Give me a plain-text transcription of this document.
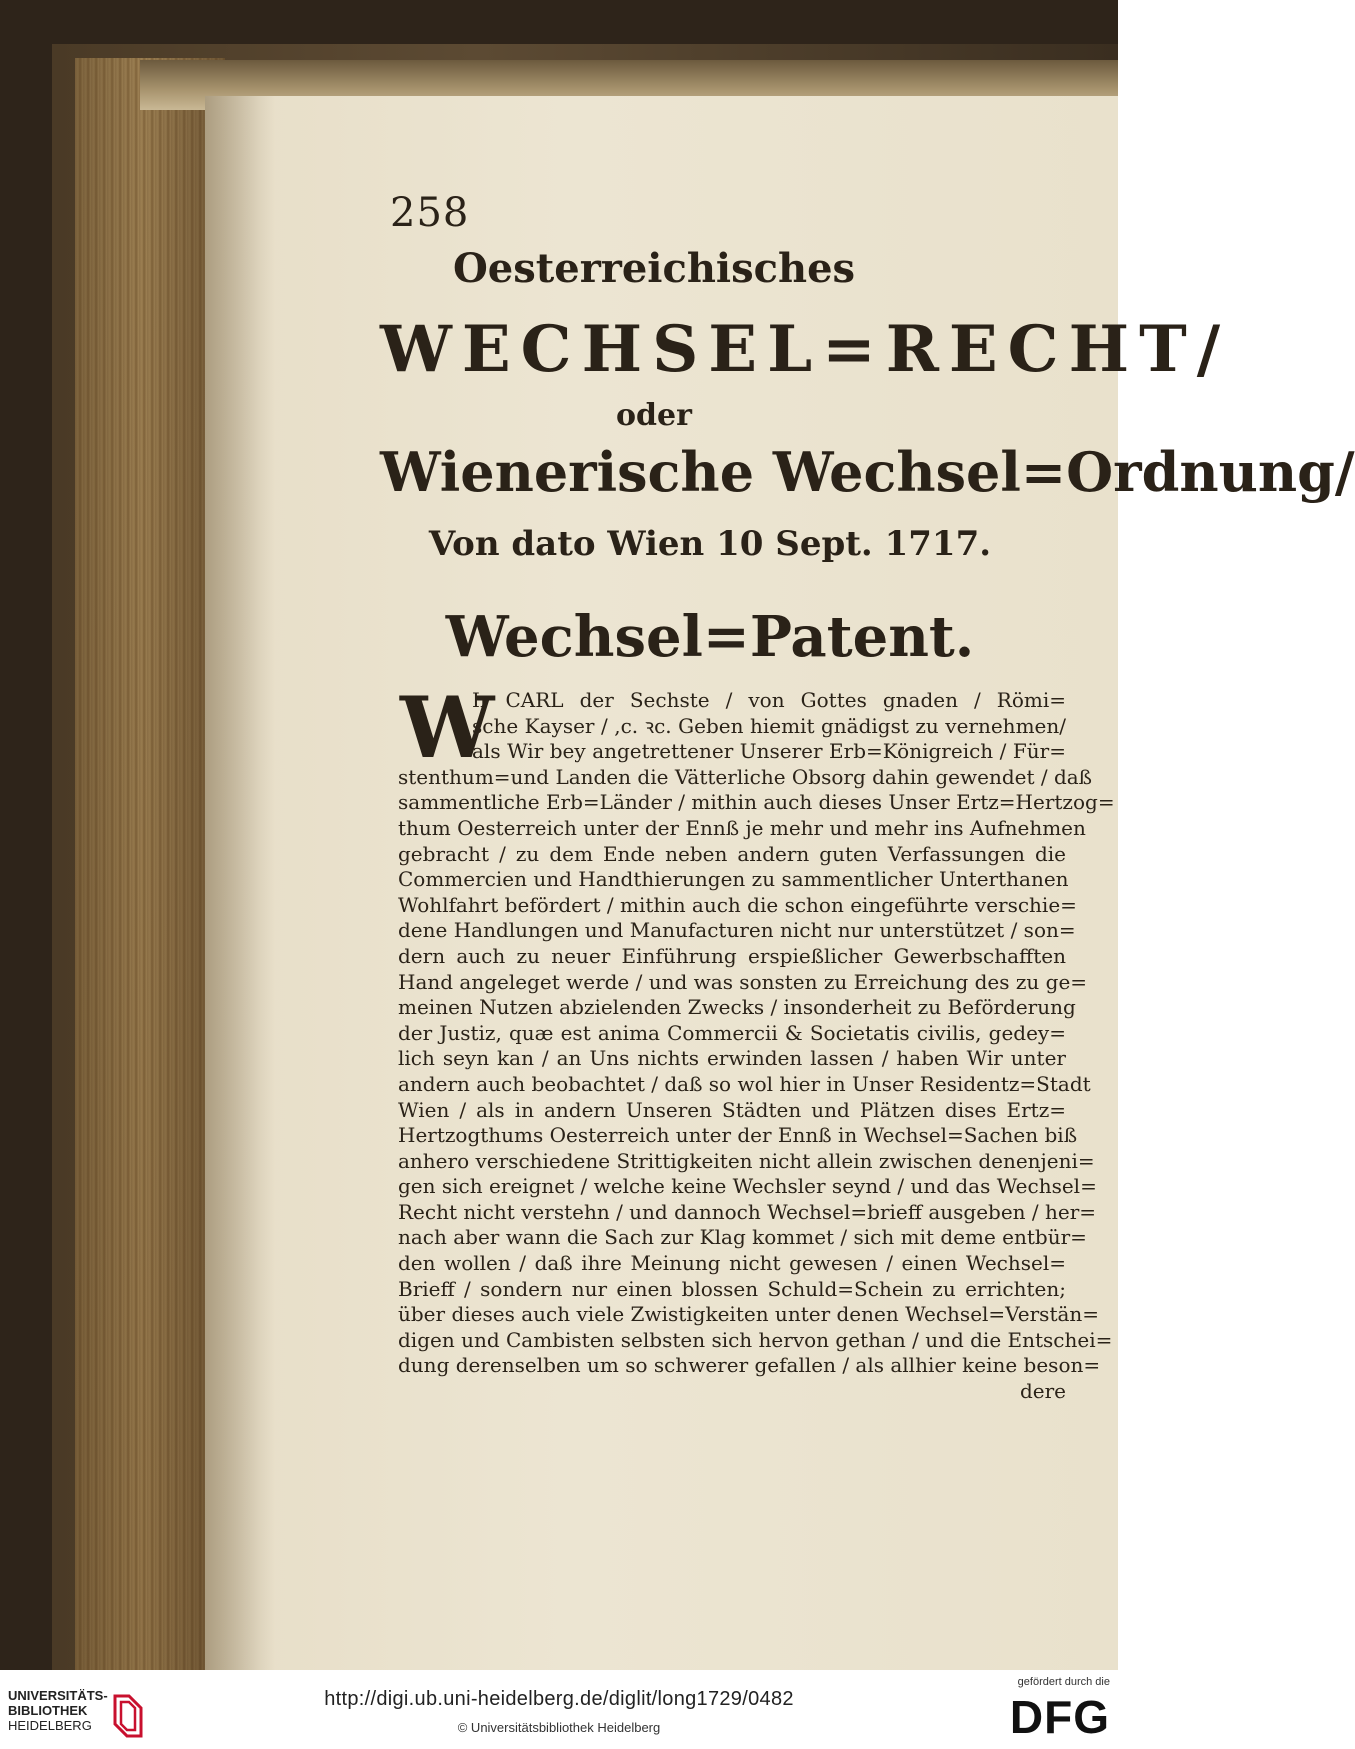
258
Oesterreichisches
WECHSEL=RECHT/
oder
Wienerische Wechsel=Ordnung/
Von dato Wien 10 Sept. 1717.
Wechsel=Patent.
W
Ir CARL der Sechste / von Gottes gnaden / Römi=
sche Kayser / ,c. ꝛc. Geben hiemit gnädigst zu vernehmen/
als Wir bey angetrettener Unserer Erb=Königreich / Für=
stenthum=und Landen die Vätterliche Obsorg dahin gewendet / daß
sammentliche Erb=Länder / mithin auch dieses Unser Ertz=Hertzog=
thum Oesterreich unter der Ennß je mehr und mehr ins Aufnehmen
gebracht / zu dem Ende neben andern guten Verfassungen die
Commercien und Handthierungen zu sammentlicher Unterthanen
Wohlfahrt befördert / mithin auch die schon eingeführte verschie=
dene Handlungen und Manufacturen nicht nur unterstützet / son=
dern auch zu neuer Einführung erspießlicher Gewerbschafften
Hand angeleget werde / und was sonsten zu Erreichung des zu ge=
meinen Nutzen abzielenden Zwecks / insonderheit zu Beförderung
der Justiz, quæ est anima Commercii & Societatis civilis, gedey=
lich seyn kan / an Uns nichts erwinden lassen / haben Wir unter
andern auch beobachtet / daß so wol hier in Unser Residentz=Stadt
Wien / als in andern Unseren Städten und Plätzen dises Ertz=
Hertzogthums Oesterreich unter der Ennß in Wechsel=Sachen biß
anhero verschiedene Strittigkeiten nicht allein zwischen denenjeni=
gen sich ereignet / welche keine Wechsler seynd / und das Wechsel=
Recht nicht verstehn / und dannoch Wechsel=brieff ausgeben / her=
nach aber wann die Sach zur Klag kommet / sich mit deme entbür=
den wollen / daß ihre Meinung nicht gewesen / einen Wechsel=
Brieff / sondern nur einen blossen Schuld=Schein zu errichten;
über dieses auch viele Zwistigkeiten unter denen Wechsel=Verstän=
digen und Cambisten selbsten sich hervon gethan / und die Entschei=
dung derenselben um so schwerer gefallen / als allhier keine beson=
dere
UNIVERSITÄTS-
BIBLIOTHEK
HEIDELBERG
http://digi.ub.uni-heidelberg.de/diglit/long1729/0482
© Universitätsbibliothek Heidelberg
gefördert durch die
DFG
